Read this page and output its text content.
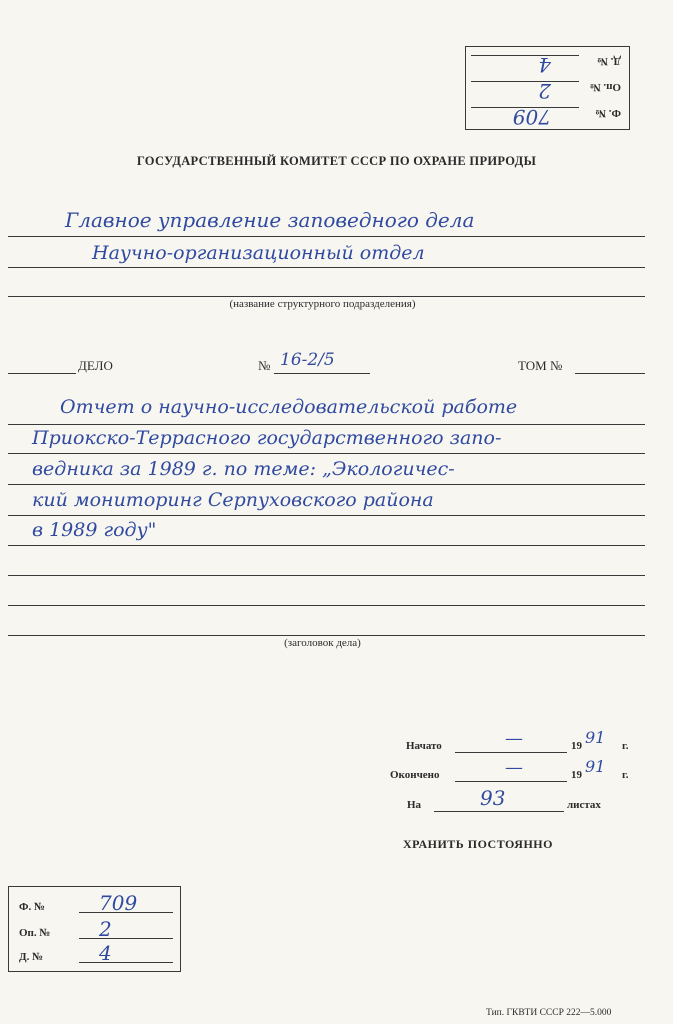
Ф. №
709
Оп. №
2
Д. №
4
ГОСУДАРСТВЕННЫЙ КОМИТЕТ СССР ПО ОХРАНЕ ПРИРОДЫ
Главное управление заповедного дела
Научно-организационный отдел
(название структурного подразделения)
ДЕЛО	№ 16-2/5	ТОМ №
Отчет о научно-исследовательской работе
Приокско-Террасного государственного запо-
ведника за 1989 г. по теме: „Экологичес-
кий мониторинг Серпуховского района
в 1989 году"
(заголовок дела)
Начато	—	19 91 г.
Окончено	—	19 91 г.
На	93	листах
ХРАНИТЬ ПОСТОЯННО
Ф. №	709
Оп. № 2
Д. №	4
Тип. ГКВТИ СССР 222—5.000
